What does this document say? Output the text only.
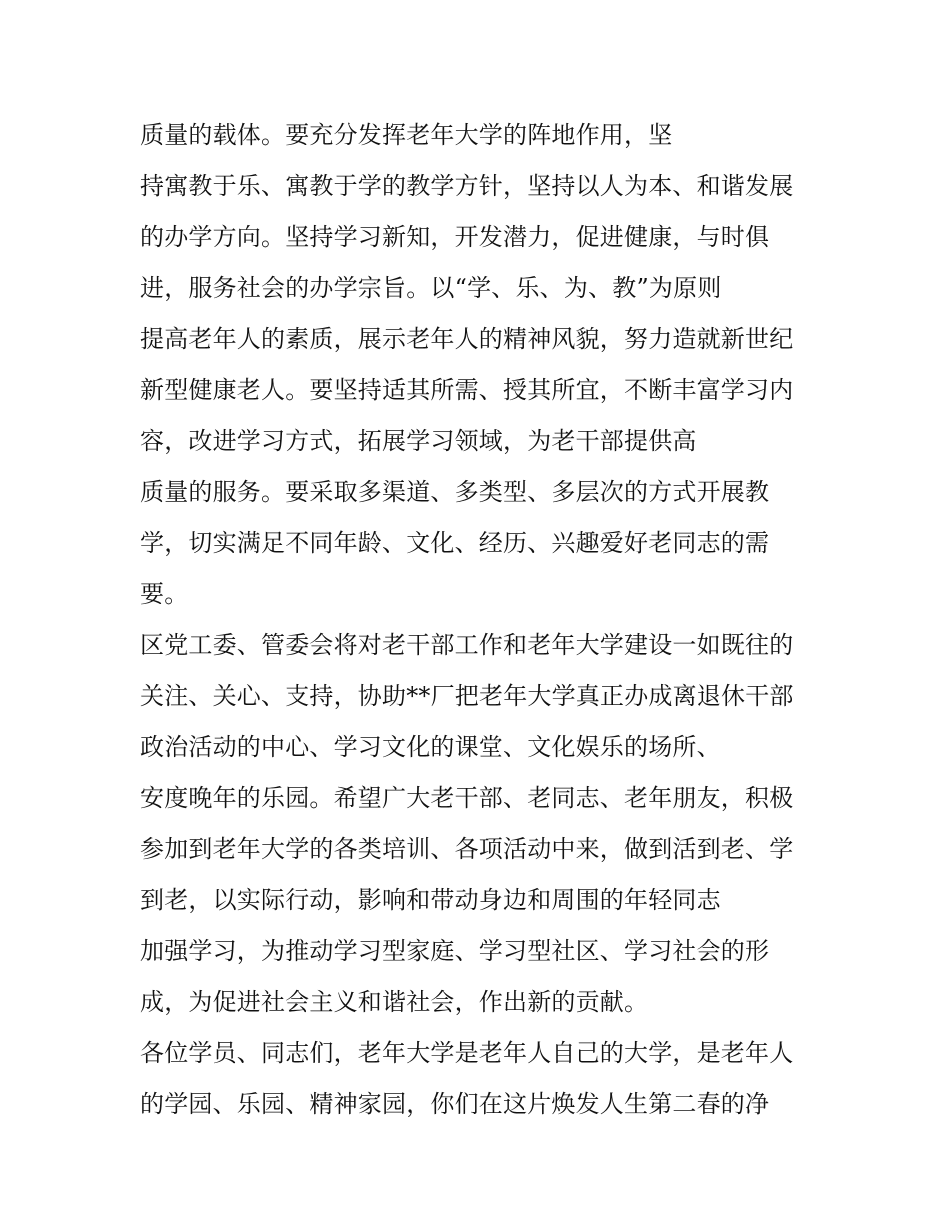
质量的载体。要充分发挥老年大学的阵地作用，坚
持寓教于乐、寓教于学的教学方针，坚持以人为本、和谐发展
的办学方向。坚持学习新知，开发潜力，促进健康，与时俱
进，服务社会的办学宗旨。以“学、乐、为、教”为原则
提高老年人的素质，展示老年人的精神风貌，努力造就新世纪
新型健康老人。要坚持适其所需、授其所宜，不断丰富学习内
容，改进学习方式，拓展学习领域，为老干部提供高
质量的服务。要采取多渠道、多类型、多层次的方式开展教
学，切实满足不同年龄、文化、经历、兴趣爱好老同志的需
要。
区党工委、管委会将对老干部工作和老年大学建设一如既往的
关注、关心、支持，协助**厂把老年大学真正办成离退休干部
政治活动的中心、学习文化的课堂、文化娱乐的场所、
安度晚年的乐园。希望广大老干部、老同志、老年朋友，积极
参加到老年大学的各类培训、各项活动中来，做到活到老、学
到老，以实际行动，影响和带动身边和周围的年轻同志
加强学习，为推动学习型家庭、学习型社区、学习社会的形
成，为促进社会主义和谐社会，作出新的贡献。
各位学员、同志们，老年大学是老年人自己的大学，是老年人
的学园、乐园、精神家园，你们在这片焕发人生第二春的净
